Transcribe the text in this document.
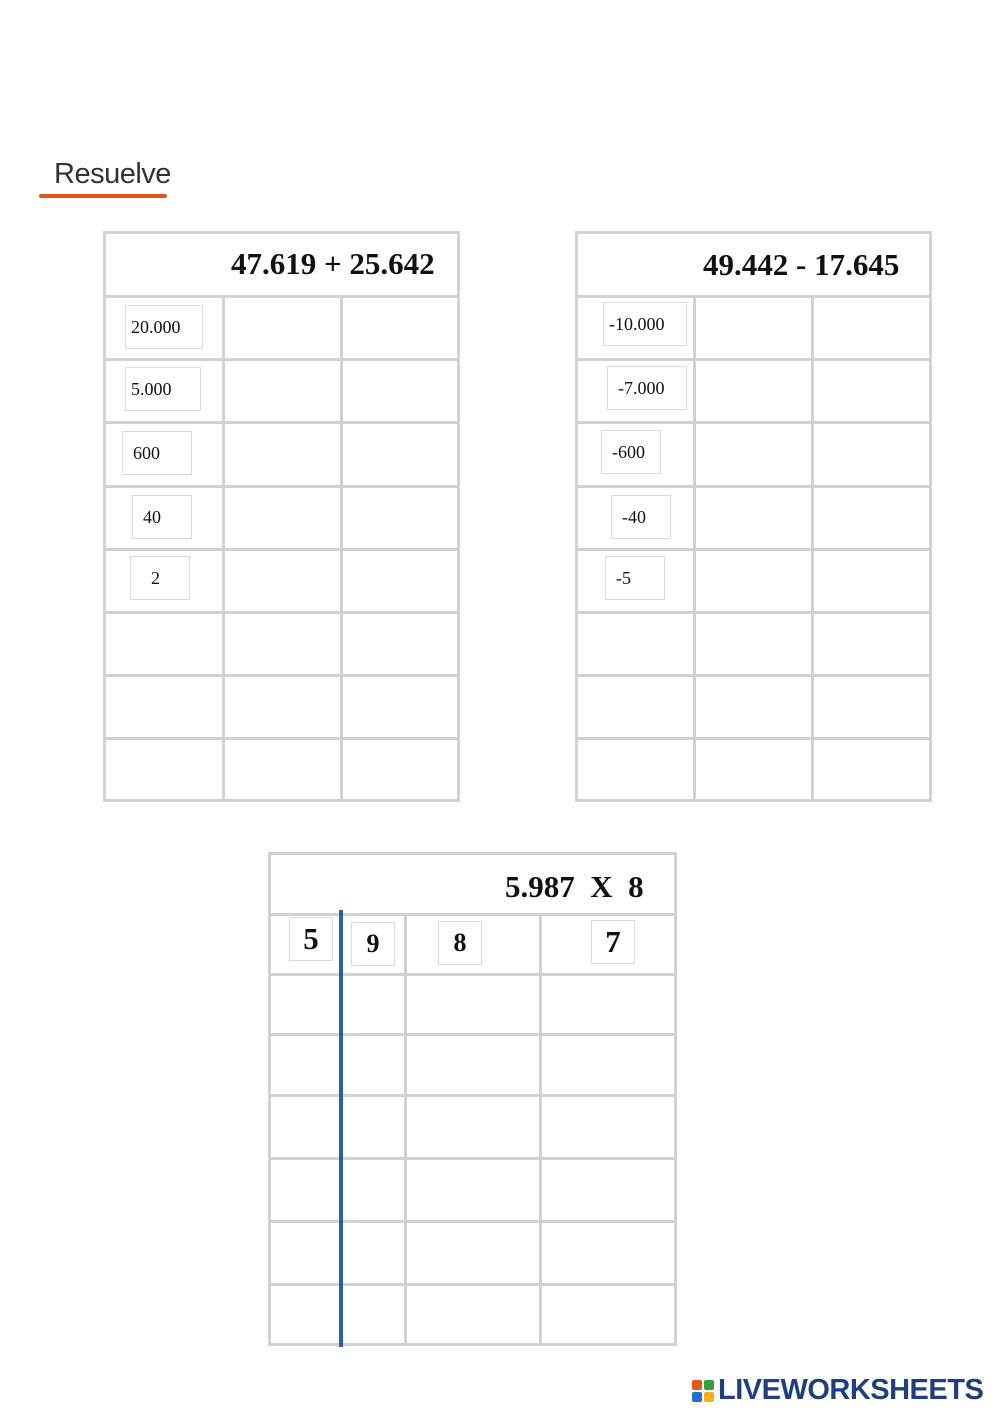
Resuelve
47.619 + 25.642
20.000
5.000
600
40
2
49.442 - 17.645
-10.000
-7.000
-600
-40
-5
5.987  X  8
5	9	8	7
LIVEWORKSHEETS
